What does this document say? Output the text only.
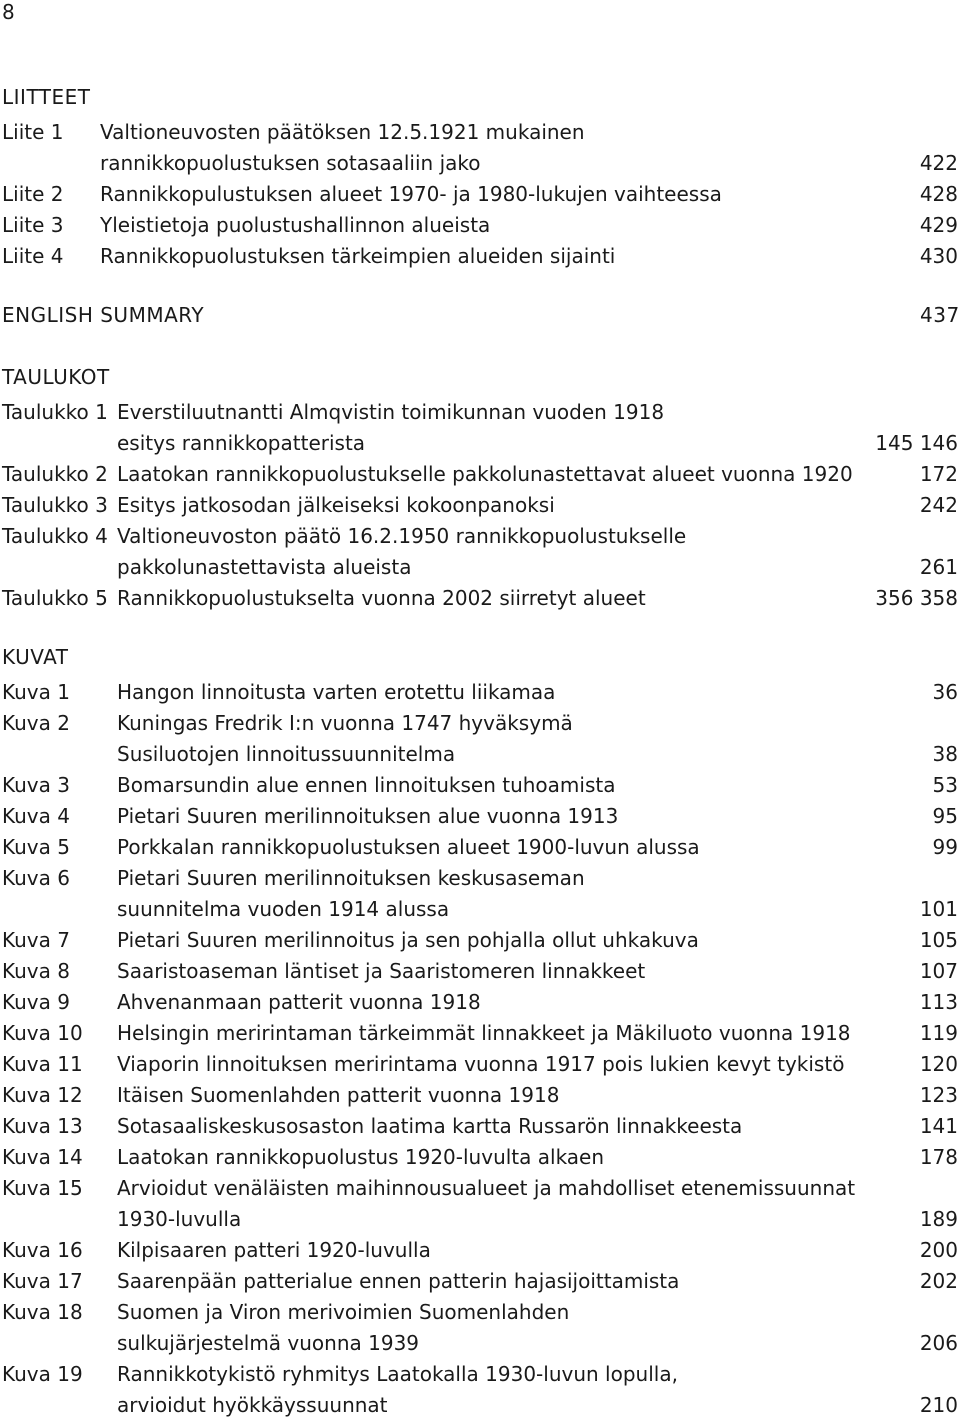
8
LIITTEET
Liite 1 Valtioneuvosten päätöksen 12.5.1921 mukainen
rannikkopuolustuksen sotasaaliin jako	422
Liite 2 Rannikkopulustuksen alueet 1970- ja 1980-lukujen vaihteessa	428
Liite 3 Yleistietoja puolustushallinnon alueista	429
Liite 4 Rannikkopuolustuksen tärkeimpien alueiden sijainti	430
ENGLISH SUMMARY	437
TAULUKOT
Taulukko 1 Everstiluutnantti Almqvistin toimikunnan vuoden 1918
esitys rannikkopatterista	145 146
Taulukko 2 Laatokan rannikkopuolustukselle pakkolunastettavat alueet vuonna 1920	172
Taulukko 3 Esitys jatkosodan jälkeiseksi kokoonpanoksi	242
Taulukko 4 Valtioneuvoston päätö 16.2.1950 rannikkopuolustukselle
pakkolunastettavista alueista	261
Taulukko 5 Rannikkopuolustukselta vuonna 2002 siirretyt alueet	356 358
KUVAT
Kuva 1 Hangon linnoitusta varten erotettu liikamaa	36
Kuva 2 Kuningas Fredrik I:n vuonna 1747 hyväksymä
Susiluotojen linnoitussuunnitelma	38
Kuva 3 Bomarsundin alue ennen linnoituksen tuhoamista	53
Kuva 4 Pietari Suuren merilinnoituksen alue vuonna 1913	95
Kuva 5 Porkkalan rannikkopuolustuksen alueet 1900-luvun alussa	99
Kuva 6 Pietari Suuren merilinnoituksen keskusaseman
suunnitelma vuoden 1914 alussa	101
Kuva 7 Pietari Suuren merilinnoitus ja sen pohjalla ollut uhkakuva	105
Kuva 8 Saaristoaseman läntiset ja Saaristomeren linnakkeet	107
Kuva 9 Ahvenanmaan patterit vuonna 1918	113
Kuva 10 Helsingin meririntaman tärkeimmät linnakkeet ja Mäkiluoto vuonna 1918	119
Kuva 11 Viaporin linnoituksen meririntama vuonna 1917 pois lukien kevyt tykistö	120
Kuva 12 Itäisen Suomenlahden patterit vuonna 1918	123
Kuva 13 Sotasaaliskeskusosaston laatima kartta Russarön linnakkeesta	141
Kuva 14 Laatokan rannikkopuolustus 1920-luvulta alkaen	178
Kuva 15 Arvioidut venäläisten maihinnousualueet ja mahdolliset etenemissuunnat
1930-luvulla	189
Kuva 16 Kilpisaaren patteri 1920-luvulla	200
Kuva 17 Saarenpään patterialue ennen patterin hajasijoittamista	202
Kuva 18 Suomen ja Viron merivoimien Suomenlahden
sulkujärjestelmä vuonna 1939	206
Kuva 19 Rannikkotykistö ryhmitys Laatokalla 1930-luvun lopulla,
arvioidut hyökkäyssuunnat	210
